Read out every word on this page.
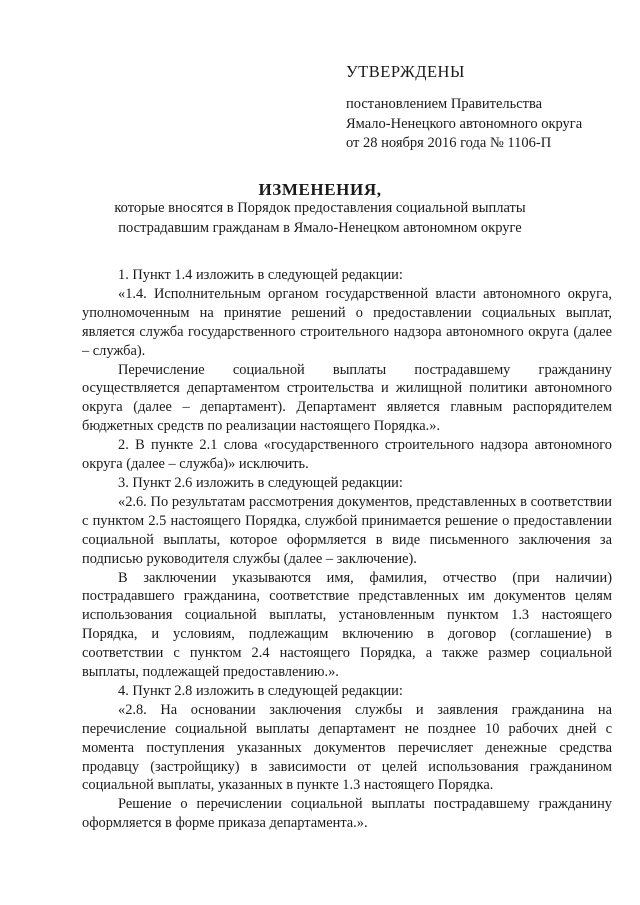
УТВЕРЖДЕНЫ
постановлением Правительства
Ямало-Ненецкого автономного округа
от 28 ноября 2016 года № 1106-П
ИЗМЕНЕНИЯ,
которые вносятся в Порядок предоставления социальной выплаты
пострадавшим гражданам в Ямало-Ненецком автономном округе

1. Пункт 1.4 изложить в следующей редакции:

«1.4. Исполнительным органом государственной власти автономного округа, уполномоченным на принятие решений о предоставлении социальных выплат, является служба государственного строительного надзора автономного округа (далее – служба).

Перечисление социальной выплаты пострадавшему гражданину осуществляется департаментом строительства и жилищной политики автономного округа (далее – департамент). Департамент является главным распорядителем бюджетных средств по реализации настоящего Порядка.».

2. В пункте 2.1 слова «государственного строительного надзора автономного округа (далее – служба)» исключить.

3. Пункт 2.6 изложить в следующей редакции:

«2.6. По результатам рассмотрения документов, представленных в соответствии с пунктом 2.5 настоящего Порядка, службой принимается решение о предоставлении социальной выплаты, которое оформляется в виде письменного заключения за подписью руководителя службы (далее – заключение).

В заключении указываются имя, фамилия, отчество (при наличии) пострадавшего гражданина, соответствие представленных им документов целям использования социальной выплаты, установленным пунктом 1.3 настоящего Порядка, и условиям, подлежащим включению в договор (соглашение) в соответствии с пунктом 2.4 настоящего Порядка, а также размер социальной выплаты, подлежащей предоставлению.».

4. Пункт 2.8 изложить в следующей редакции:

«2.8. На основании заключения службы и заявления гражданина на перечисление социальной выплаты департамент не позднее 10 рабочих дней с момента поступления указанных документов перечисляет денежные средства продавцу (застройщику) в зависимости от целей использования гражданином социальной выплаты, указанных в пункте 1.3 настоящего Порядка.

Решение о перечислении социальной выплаты пострадавшему гражданину оформляется в форме приказа департамента.».
